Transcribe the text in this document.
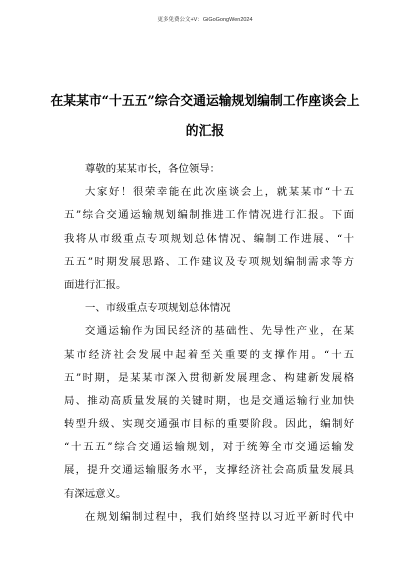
更多免费公文+V：GiGoGongWen2024
在某某市“十五五”综合交通运输规划编制工作座谈会上
的汇报
尊敬的某某市长，各位领导：
大家好！很荣幸能在此次座谈会上，就某某市“十五
五”综合交通运输规划编制推进工作情况进行汇报。下面
我将从市级重点专项规划总体情况、编制工作进展、“十
五五”时期发展思路、工作建议及专项规划编制需求等方
面进行汇报。
一、市级重点专项规划总体情况
交通运输作为国民经济的基础性、先导性产业，在某
某市经济社会发展中起着至关重要的支撑作用。“十五
五”时期，是某某市深入贯彻新发展理念、构建新发展格
局、推动高质量发展的关键时期，也是交通运输行业加快
转型升级、实现交通强市目标的重要阶段。因此，编制好
“十五五”综合交通运输规划，对于统筹全市交通运输发
展，提升交通运输服务水平，支撑经济社会高质量发展具
有深远意义。
在规划编制过程中，我们始终坚持以习近平新时代中
